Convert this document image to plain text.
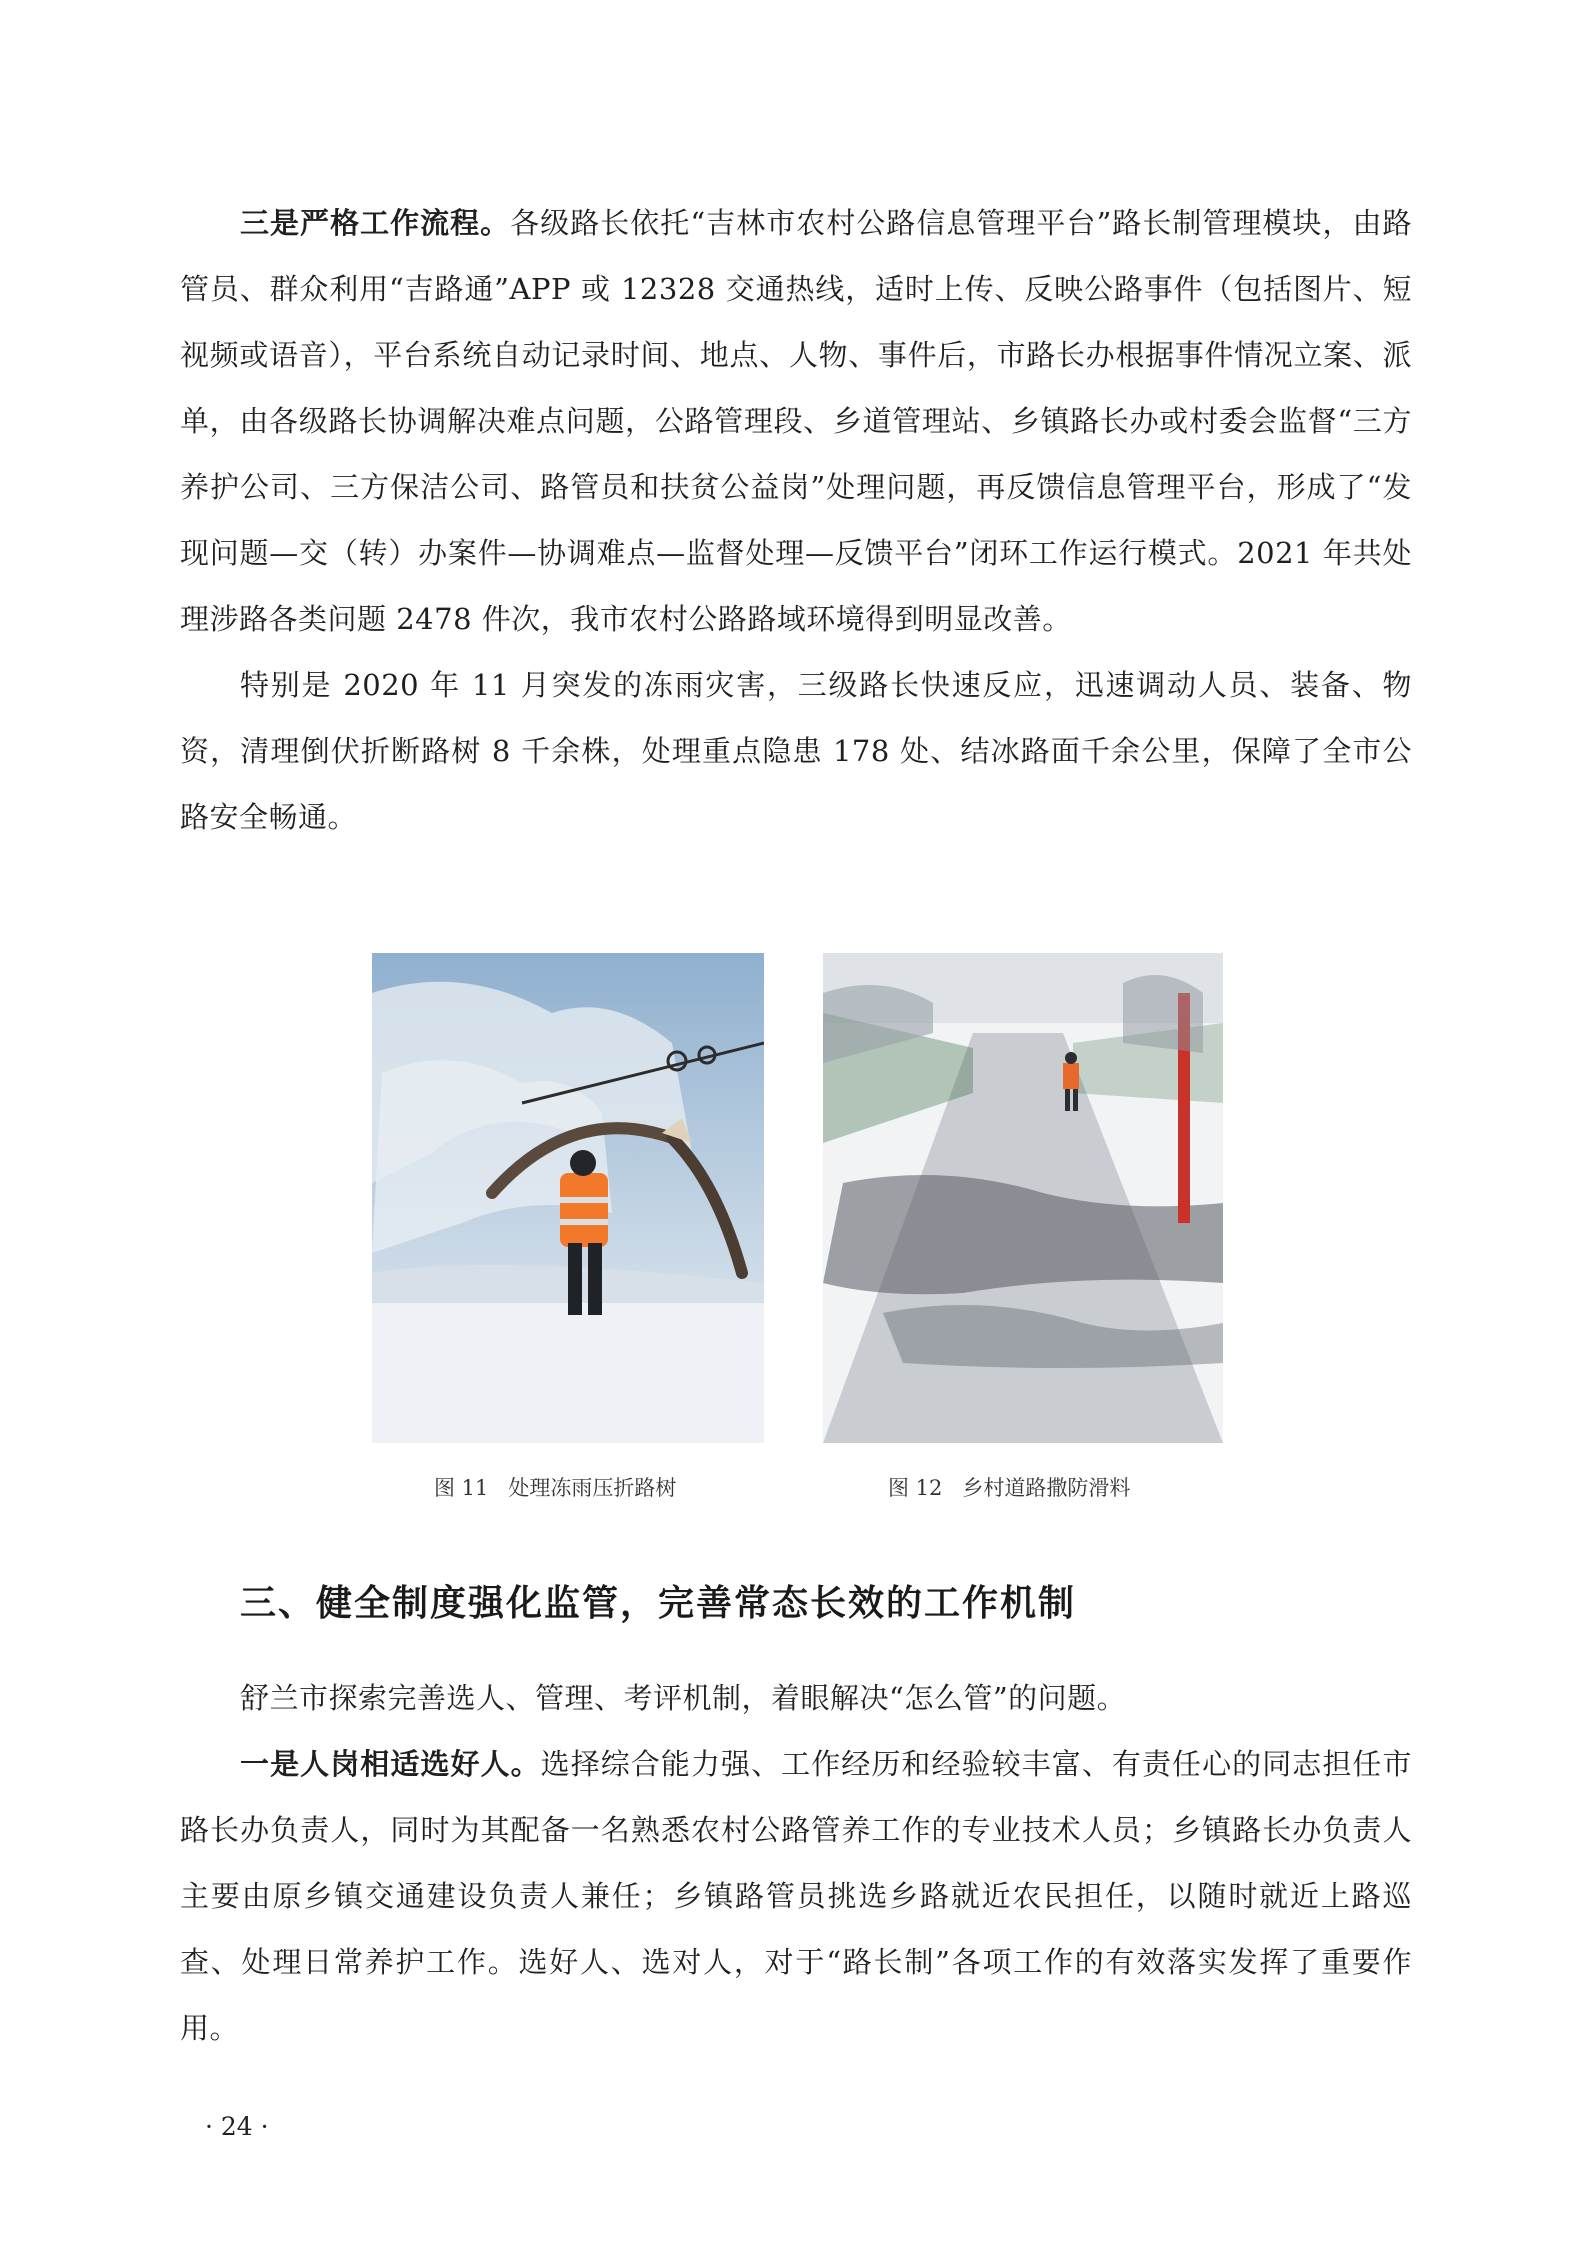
三是严格工作流程。各级路长依托“吉林市农村公路信息管理平台”路长制管理模块，由路管员、群众利用“吉路通”APP 或 12328 交通热线，适时上传、反映公路事件（包括图片、短视频或语音），平台系统自动记录时间、地点、人物、事件后，市路长办根据事件情况立案、派单，由各级路长协调解决难点问题，公路管理段、乡道管理站、乡镇路长办或村委会监督“三方养护公司、三方保洁公司、路管员和扶贫公益岗”处理问题，再反馈信息管理平台，形成了“发现问题—交（转）办案件—协调难点—监督处理—反馈平台”闭环工作运行模式。2021 年共处理涉路各类问题 2478 件次，我市农村公路路域环境得到明显改善。

特别是 2020 年 11 月突发的冻雨灾害，三级路长快速反应，迅速调动人员、装备、物资，清理倒伏折断路树 8 千余株，处理重点隐患 178 处、结冰路面千余公里，保障了全市公路安全畅通。

图 11 处理冻雨压折路树	图 12 乡村道路撒防滑料
三、健全制度强化监管，完善常态长效的工作机制

舒兰市探索完善选人、管理、考评机制，着眼解决“怎么管”的问题。

一是人岗相适选好人。选择综合能力强、工作经历和经验较丰富、有责任心的同志担任市路长办负责人，同时为其配备一名熟悉农村公路管养工作的专业技术人员；乡镇路长办负责人主要由原乡镇交通建设负责人兼任；乡镇路管员挑选乡路就近农民担任，以随时就近上路巡查、处理日常养护工作。选好人、选对人，对于“路长制”各项工作的有效落实发挥了重要作用。

· 24 ·
